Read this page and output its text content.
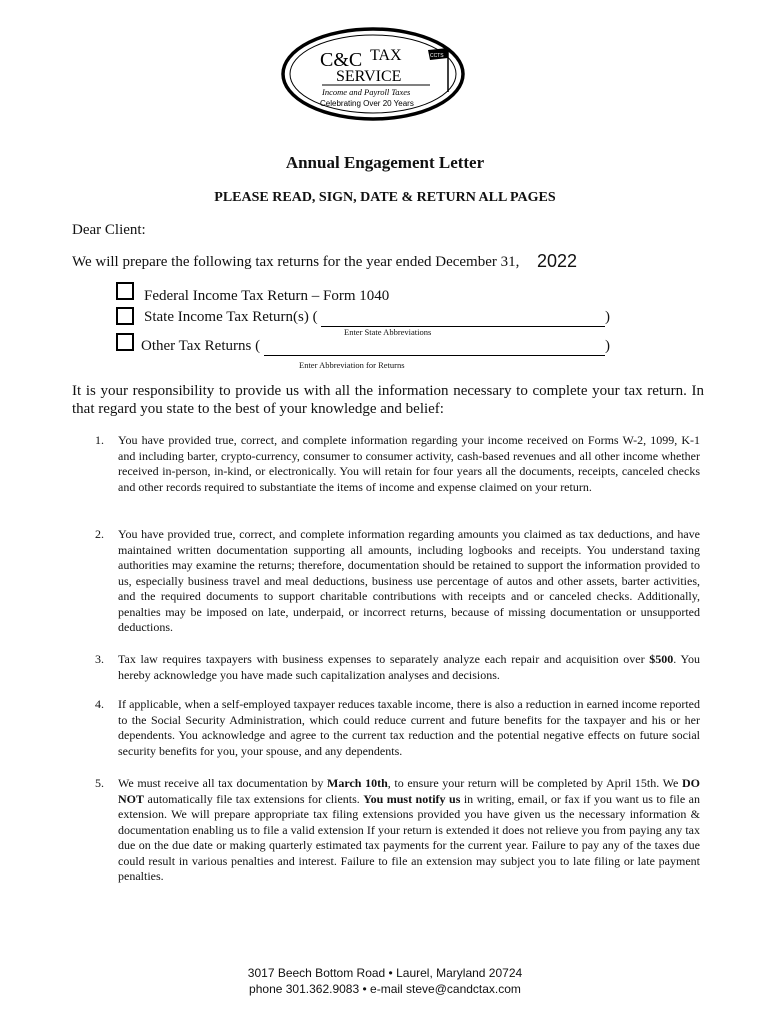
C&C TAX
SERVICE
Income and Payroll Taxes
Celebrating Over 20 Years
CCTS
Annual Engagement Letter
PLEASE READ, SIGN, DATE & RETURN ALL PAGES
Dear Client:
We will prepare the following tax returns for the year ended December 31, 2022
Federal Income Tax Return – Form 1040
State Income Tax Return(s) (	)
Enter State Abbreviations
Other Tax Returns (	)
Enter Abbreviation for Returns
It is your responsibility to provide us with all the information necessary to complete your tax return. In that regard you state to the best of your knowledge and belief:
1. You have provided true, correct, and complete information regarding your income received on Forms W-2, 1099, K-1 and including barter, crypto-currency, consumer to consumer activity, cash-based revenues and all other income whether received in-person, in-kind, or electronically. You will retain for four years all the documents, receipts, canceled checks and other records required to substantiate the items of income and expense claimed on your return.
2. You have provided true, correct, and complete information regarding amounts you claimed as tax deductions, and have maintained written documentation supporting all amounts, including logbooks and receipts. You understand taxing authorities may examine the returns; therefore, documentation should be retained to support the information provided to us, especially business travel and meal deductions, business use percentage of autos and other assets, barter activities, and the required documents to support charitable contributions with receipts and or canceled checks. Additionally, penalties may be imposed on late, underpaid, or incorrect returns, because of missing documentation or unsupported deductions.
3. Tax law requires taxpayers with business expenses to separately analyze each repair and acquisition over $500. You hereby acknowledge you have made such capitalization analyses and decisions.
4. If applicable, when a self-employed taxpayer reduces taxable income, there is also a reduction in earned income reported to the Social Security Administration, which could reduce current and future benefits for the taxpayer and his or her dependents. You acknowledge and agree to the current tax reduction and the potential negative effects on future social security benefits for you, your spouse, and any dependents.
5. We must receive all tax documentation by March 10th, to ensure your return will be completed by April 15th. We DO NOT automatically file tax extensions for clients. You must notify us in writing, email, or fax if you want us to file an extension. We will prepare appropriate tax filing extensions provided you have given us the necessary information & documentation enabling us to file a valid extension If your return is extended it does not relieve you from paying any tax due on the due date or making quarterly estimated tax payments for the current year. Failure to pay any of the taxes due could result in various penalties and interest. Failure to file an extension may subject you to late filing or late payment penalties.
3017 Beech Bottom Road • Laurel, Maryland 20724
phone 301.362.9083 • e-mail steve@candctax.com
